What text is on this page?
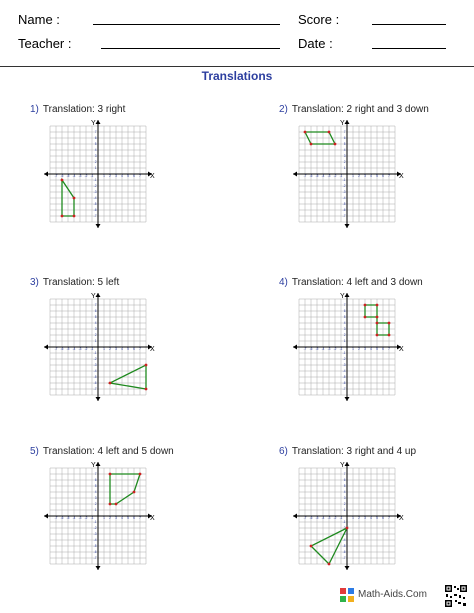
Name :	Score :
Teacher :	Date :
Translations
1) Translation: 3 right
X
Y
-7
-7
-6
-6
-5
-5
-4
-4
-3
-3
-2
-2
-1
-1
1
1
2
2
3
3
4
4
5
5
6
6
7
7
2) Translation: 2 right and 3 down
X
Y
-7
-7
-6
-6
-5
-5
-4
-4
-3
-3
-2
-2
-1
-1
1
1
2
2
3
3
4
4
5
5
6
6
7
7
3) Translation: 5 left
X
Y
-7
-7
-6
-6
-5
-5
-4
-4
-3
-3
-2
-2
-1
-1
1
1
2
2
3
3
4
4
5
5
6
6
7
7
4) Translation: 4 left and 3 down
X
Y
-7
-7
-6
-6
-5
-5
-4
-4
-3
-3
-2
-2
-1
-1
1
1
2
2
3
3
4
4
5
5
6
6
7
7
5) Translation: 4 left and 5 down
X
Y
-7
-7
-6
-6
-5
-5
-4
-4
-3
-3
-2
-2
-1
-1
1
1
2
2
3
3
4
4
5
5
6
6
7
7
6) Translation: 3 right and 4 up
X
Y
-7
-7
-6
-6
-5
-5
-4
-4
-3
-3
-2
-2
-1
-1
1
1
2
2
3
3
4
4
5
5
6
6
7
7
Math-Aids.Com
